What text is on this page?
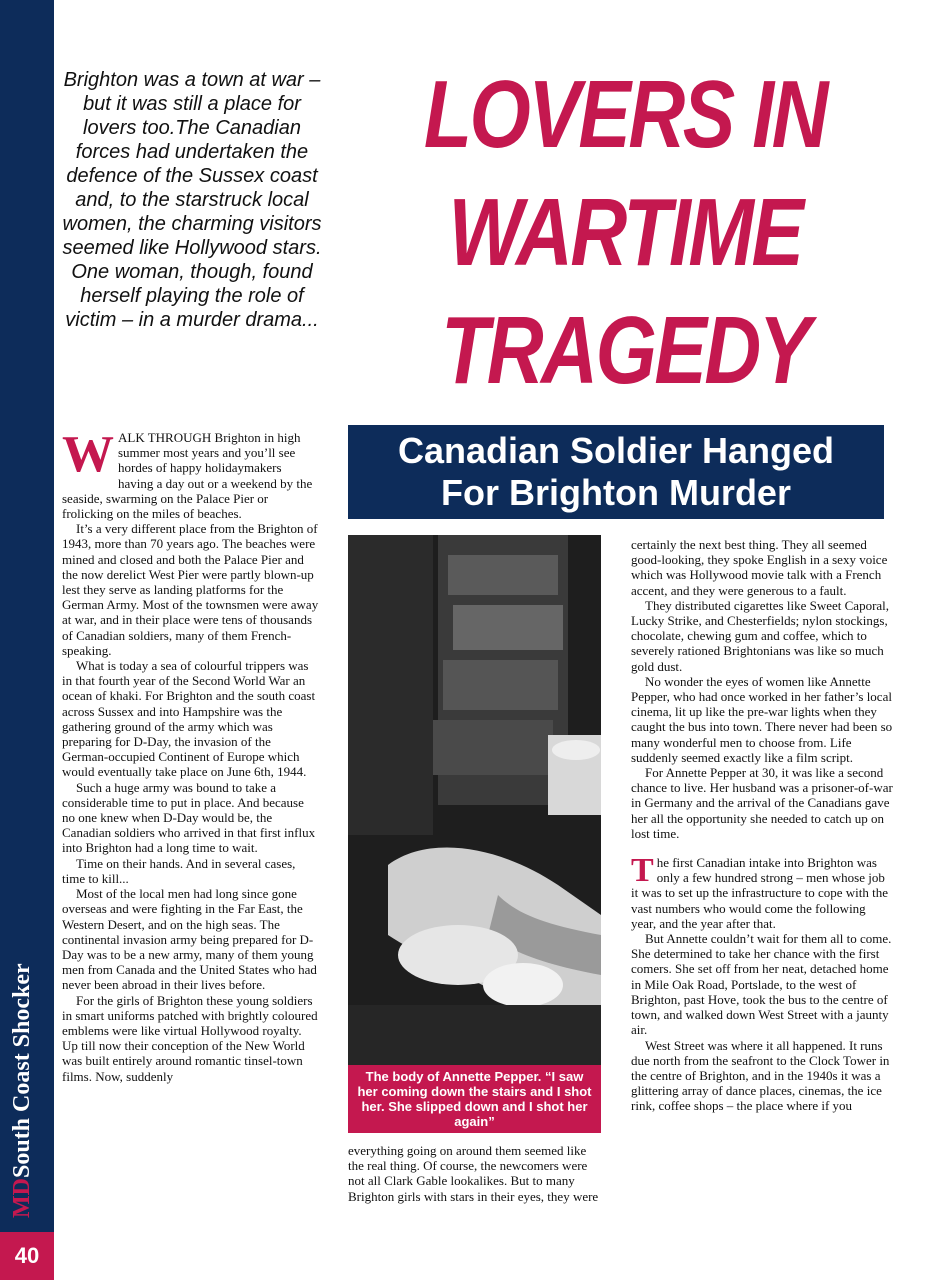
MDSouth Coast Shocker
40
Brighton was a town at war – but it was still a place for lovers too.The Canadian forces had undertaken the defence of the Sussex coast and, to the starstruck local women, the charming visitors seemed like Hollywood stars. One woman, though, found herself playing the role of victim – in a murder drama...
LOVERS IN
WARTIME
TRAGEDY
Canadian Soldier Hanged
For Brighton Murder

WALK THROUGH Brighton in high summer most years and you’ll see hordes of happy holidaymakers having a day out or a weekend by the seaside, swarming on the Palace Pier or frolicking on the miles of beaches.

It’s a very different place from the Brighton of 1943, more than 70 years ago. The beaches were mined and closed and both the Palace Pier and the now derelict West Pier were partly blown-up lest they serve as landing platforms for the German Army. Most of the townsmen were away at war, and in their place were tens of thousands of Canadian soldiers, many of them French-speaking.

What is today a sea of colourful trippers was in that fourth year of the Second World War an ocean of khaki. For Brighton and the south coast across Sussex and into Hampshire was the gathering ground of the army which was preparing for D-Day, the invasion of the German-occupied Continent of Europe which would eventually take place on June 6th, 1944.

Such a huge army was bound to take a considerable time to put in place. And because no one knew when D-Day would be, the Canadian soldiers who arrived in that first influx into Brighton had a long time to wait.

Time on their hands. And in several cases, time to kill...

Most of the local men had long since gone overseas and were fighting in the Far East, the Western Desert, and on the high seas. The continental invasion army being prepared for D-Day was to be a new army, many of them young men from Canada and the United States who had never been abroad in their lives before.

For the girls of Brighton these young soldiers in smart uniforms patched with brightly coloured emblems were like virtual Hollywood royalty. Up till now their conception of the New World was built entirely around romantic tinsel-town films. Now, suddenly	The body of Annette Pepper. “I saw her coming down the stairs and I shot her. She slipped down and I shot her again”

everything going on around them seemed like the real thing. Of course, the newcomers were not all Clark Gable lookalikes. But to many Brighton girls with stars in their eyes, they were

certainly the next best thing. They all seemed good-looking, they spoke English in a sexy voice which was Hollywood movie talk with a French accent, and they were generous to a fault.

They distributed cigarettes like Sweet Caporal, Lucky Strike, and Chesterfields; nylon stockings, chocolate, chewing gum and coffee, which to severely rationed Brightonians was like so much gold dust.

No wonder the eyes of women like Annette Pepper, who had once worked in her father’s local cinema, lit up like the pre-war lights when they caught the bus into town. There never had been so many wonderful men to choose from. Life suddenly seemed exactly like a film script.

For Annette Pepper at 30, it was like a second chance to live. Her husband was a prisoner-of-war in Germany and the arrival of the Canadians gave her all the opportunity she needed to catch up on lost time.

The first Canadian intake into Brighton was only a few hundred strong – men whose job it was to set up the infrastructure to cope with the vast numbers who would come the following year, and the year after that.

But Annette couldn’t wait for them all to come. She determined to take her chance with the first comers. She set off from her neat, detached home in Mile Oak Road, Portslade, to the west of Brighton, past Hove, took the bus to the centre of town, and walked down West Street with a jaunty air.

West Street was where it all happened. It runs due north from the seafront to the Clock Tower in the centre of Brighton, and in the 1940s it was a glittering array of dance places, cinemas, the ice rink, coffee shops – the place where if you
